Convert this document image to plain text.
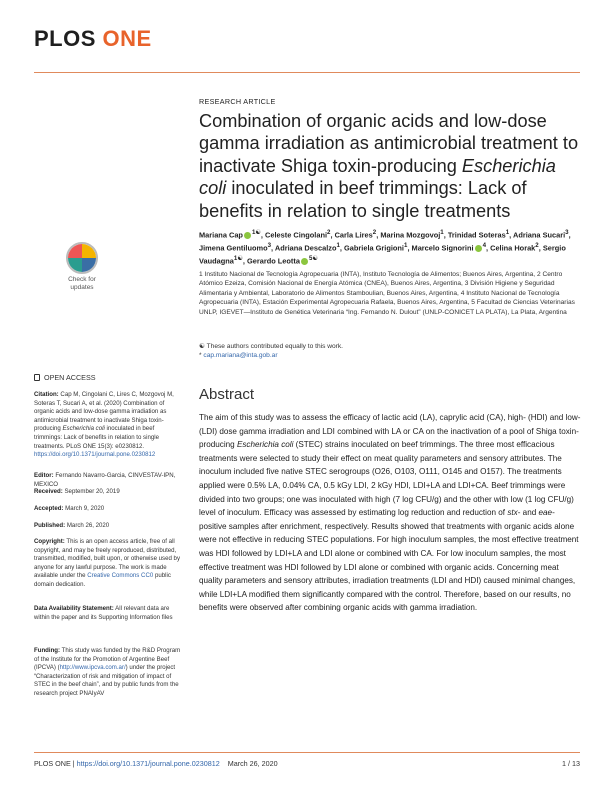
PLOS ONE
Check for
updates
OPEN ACCESS
Citation: Cap M, Cingolani C, Lires C, Mozgovoj M, Soteras T, Sucari A, et al. (2020) Combination of organic acids and low-dose gamma irradiation as antimicrobial treatment to inactivate Shiga toxin-producing Escherichia coli inoculated in beef trimmings: Lack of benefits in relation to single treatments. PLoS ONE 15(3): e0230812. https://doi.org/10.1371/journal.pone.0230812
Editor: Fernando Navarro-Garcia, CINVESTAV-IPN, MEXICO
Received: September 20, 2019
Accepted: March 9, 2020
Published: March 26, 2020
Copyright: This is an open access article, free of all copyright, and may be freely reproduced, distributed, transmitted, modified, built upon, or otherwise used by anyone for any lawful purpose. The work is made available under the Creative Commons CC0 public domain dedication.
Data Availability Statement: All relevant data are within the paper and its Supporting Information files
Funding: This study was funded by the R&D Program of the Institute for the Promotion of Argentine Beef (IPCVA) (http://www.ipcva.com.ar/) under the project “Characterization of risk and mitigation of impact of STEC in the beef chain”, and by public funds from the research project PNAIyAV
RESEARCH ARTICLE
Combination of organic acids and low-dose gamma irradiation as antimicrobial treatment to inactivate Shiga toxin-producing Escherichia coli inoculated in beef trimmings: Lack of benefits in relation to single treatments
Mariana Cap $^{1☯}$, Celeste Cingolani$^2$, Carla Lires$^2$, Marina Mozgovoj$^1$, Trinidad Soteras$^1$, Adriana Sucari$^3$, Jimena Gentiluomo$^3$, Adriana Descalzo$^1$, Gabriela Grigioni$^1$, Marcelo Signorini $^4$, Celina Horak$^2$, Sergio Vaudagna$^{1☯}$, Gerardo Leotta $^{5☯}$
1 Instituto Nacional de Tecnología Agropecuaria (INTA), Instituto Tecnología de Alimentos; Buenos Aires, Argentina, 2 Centro Atómico Ezeiza, Comisión Nacional de Energía Atómica (CNEA), Buenos Aires, Argentina, 3 División Higiene y Seguridad Alimentaria y Ambiental, Laboratorio de Alimentos Stamboulian, Buenos Aires, Argentina, 4 Instituto Nacional de Tecnología Agropecuaria (INTA), Estación Experimental Agropecuaria Rafaela, Buenos Aires, Argentina, 5 Facultad de Ciencias Veterinarias UNLP, IGEVET—Instituto de Genética Veterinaria “Ing. Fernando N. Dulout” (UNLP-CONICET LA PLATA), La Plata, Argentina
☯ These authors contributed equally to this work.
* cap.mariana@inta.gob.ar
Abstract
The aim of this study was to assess the efficacy of lactic acid (LA), caprylic acid (CA), high- (HDI) and low- (LDI) dose gamma irradiation and LDI combined with LA or CA on the inactivation of a pool of Shiga toxin-producing Escherichia coli (STEC) strains inoculated on beef trimmings. The three most efficacious treatments were selected to study their effect on meat quality parameters and sensory attributes. The inoculum included five native STEC serogroups (O26, O103, O111, O145 and O157). The treatments applied were 0.5% LA, 0.04% CA, 0.5 kGy LDI, 2 kGy HDI, LDI+LA and LDI+CA. Beef trimmings were divided into two groups; one was inoculated with high (7 log CFU/g) and the other with low (1 log CFU/g) level of inoculum. Efficacy was assessed by estimating log reduction and reduction of stx- and eae-positive samples after enrichment, respectively. Results showed that treatments with organic acids alone were not effective in reducing STEC populations. For high inoculum samples, the most effective treatment was HDI followed by LDI+LA and LDI alone or combined with CA. For low inoculum samples, the most effective treatment was HDI followed by LDI alone or combined with organic acids. Concerning meat quality parameters and sensory attributes, irradiation treatments (LDI and HDI) caused minimal changes, while LDI+LA modified them significantly compared with the control. Therefore, based on our results, no benefits were observed after combining organic acids with gamma irradiation.
PLOS ONE | https://doi.org/10.1371/journal.pone.0230812 March 26, 2020	1 / 13
